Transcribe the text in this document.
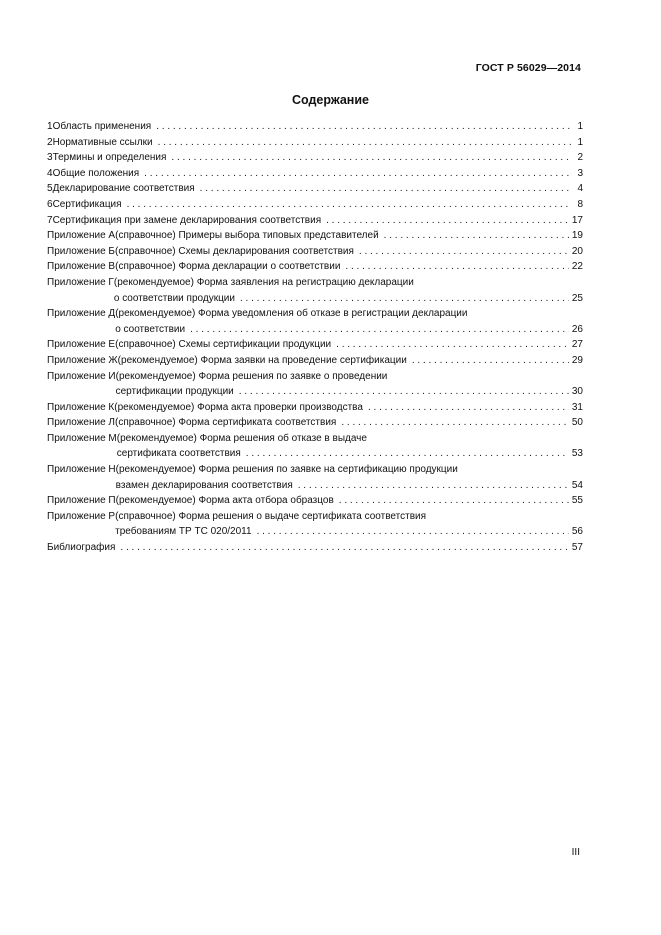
ГОСТ Р 56029—2014
Содержание
1 Область применения . . .	1
2 Нормативные ссылки . . .	1
3 Термины и определения . . .	2
4 Общие положения . . .	3
5 Декларирование соответствия . . .	4
6 Сертификация . . .	8
7 Сертификация при замене декларирования соответствия . . .	17
Приложение А (справочное) Примеры выбора типовых представителей . . .	19
Приложение Б (справочное) Схемы декларирования соответствия . . .	20
Приложение В (справочное) Форма декларации о соответствии . . .	22
Приложение Г (рекомендуемое) Форма заявления на регистрацию декларации
о соответствии продукции . . .	25
Приложение Д (рекомендуемое) Форма уведомления об отказе в регистрации декларации
о соответствии . . .	26
Приложение Е (справочное) Схемы сертификации продукции . . .	27
Приложение Ж (рекомендуемое) Форма заявки на проведение сертификации . . .	29
Приложение И (рекомендуемое) Форма решения по заявке о проведении
сертификации продукции . . .	30
Приложение К (рекомендуемое) Форма акта проверки производства . . .	31
Приложение Л (справочное) Форма сертификата соответствия . . .	50
Приложение М (рекомендуемое) Форма решения об отказе в выдаче
сертификата соответствия . . .	53
Приложение Н (рекомендуемое) Форма решения по заявке на сертификацию продукции
взамен декларирования соответствия . . .	54
Приложение П (рекомендуемое) Форма акта отбора образцов . . .	55
Приложение Р (справочное) Форма решения о выдаче сертификата соответствия
требованиям ТР ТС 020/2011 . . .	56
Библиография . . .	57
III
